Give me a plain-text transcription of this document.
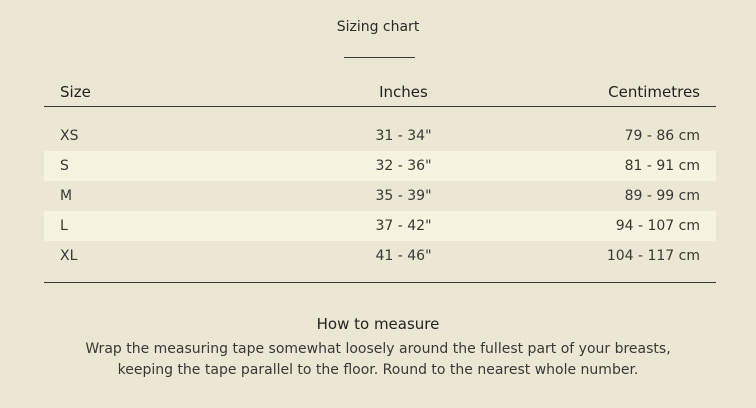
Sizing chart
Size	Inches	Centimetres
XS	31 - 34"	79 - 86 cm
S	32 - 36"	81 - 91 cm
M	35 - 39"	89 - 99 cm
L	37 - 42"	94 - 107 cm
XL	41 - 46"	104 - 117 cm
How to measure
Wrap the measuring tape somewhat loosely around the fullest part of your breasts,
keeping the tape parallel to the floor. Round to the nearest whole number.
